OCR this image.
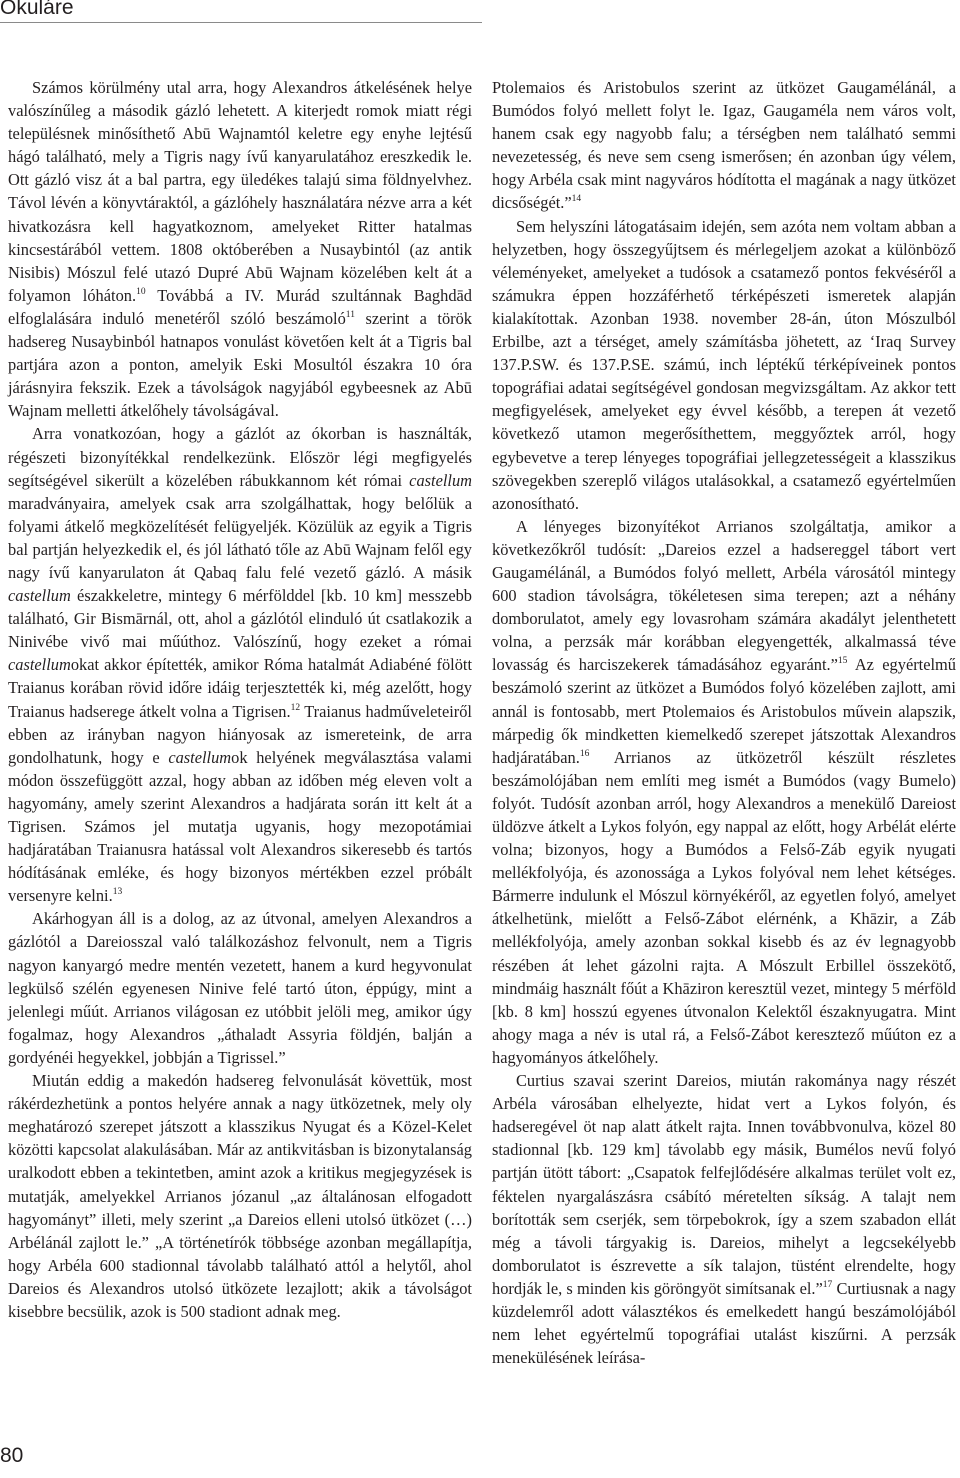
Okuláre

Számos körülmény utal arra, hogy Alexandros átkelésének helye valószínűleg a második gázló lehetett. A kiterjedt romok miatt régi településnek minősíthető Abū Wajnamtól keletre egy enyhe lejtésű hágó található, mely a Tigris nagy ívű kanyarulatához ereszkedik le. Ott gázló visz át a bal partra, egy üledékes talajú sima földnyelvhez. Távol lévén a könyvtáraktól, a gázlóhely használatára nézve arra a két hivatkozásra kell hagyatkoznom, amelyeket Ritter hatalmas kincsestárából vettem. 1808 októberében a Nusaybintól (az antik Nisibis) Mószul felé utazó Dupré Abū Wajnam közelében kelt át a folyamon lóháton.$^{10}$ Továbbá a IV. Murád szultánnak Baghdād elfoglalására induló menetéről szóló beszámoló$^{11}$ szerint a török hadsereg Nusaybinból hatnapos vonulást követően kelt át a Tigris bal partjára azon a ponton, amelyik Eski Mosultól északra 10 óra járásnyira fekszik. Ezek a távolságok nagyjából egybeesnek az Abū Wajnam melletti átkelőhely távolságával.

Arra vonatkozóan, hogy a gázlót az ókorban is használták, régészeti bizonyítékkal rendelkezünk. Először légi megfigyelés segítségével sikerült a közelében rábukkannom két római castellum maradványaira, amelyek csak arra szolgálhattak, hogy belőlük a folyami átkelő megközelítését felügyeljék. Közülük az egyik a Tigris bal partján helyezkedik el, és jól látható tőle az Abū Wajnam felől egy nagy ívű kanyarulaton át Qabaq falu felé vezető gázló. A másik castellum északkeletre, mintegy 6 mérfölddel [kb. 10 km] messzebb található, Gir Bismārnál, ott, ahol a gázlótól elinduló út csatlakozik a Ninivébe vivő mai műúthoz. Valószínű, hogy ezeket a római castellumokat akkor építették, amikor Róma hatalmát Adiabéné fölött Traianus korában rövid időre idáig terjesztették ki, még azelőtt, hogy Traianus hadserege átkelt volna a Tigrisen.$^{12}$ Traianus hadműveleteiről ebben az irányban nagyon hiányosak az ismereteink, de arra gondolhatunk, hogy e castellumok helyének megválasztása valami módon összefüggött azzal, hogy abban az időben még eleven volt a hagyomány, amely szerint Alexandros a hadjárata során itt kelt át a Tigrisen. Számos jel mutatja ugyanis, hogy mezopotámiai hadjáratában Traianusra hatással volt Alexandros sikeresebb és tartós hódításának emléke, és hogy bizonyos mértékben ezzel próbált versenyre kelni.$^{13}$

Akárhogyan áll is a dolog, az az útvonal, amelyen Alexandros a gázlótól a Dareiosszal való találkozáshoz felvonult, nem a Tigris nagyon kanyargó medre mentén vezetett, hanem a kurd hegyvonulat legkülső szélén egyenesen Ninive felé tartó úton, éppúgy, mint a jelenlegi műút. Arrianos világosan ez utóbbit jelöli meg, amikor úgy fogalmaz, hogy Alexandros „áthaladt Assyria földjén, balján a gordyénéi hegyekkel, jobbján a Tigrissel.”

Miután eddig a makedón hadsereg felvonulását követtük, most rákérdezhetünk a pontos helyére annak a nagy ütközetnek, mely oly meghatározó szerepet játszott a klasszikus Nyugat és a Közel-Kelet közötti kapcsolat alakulásában. Már az antikvitásban is bizonytalanság uralkodott ebben a tekintetben, amint azok a kritikus megjegyzések is mutatják, amelyekkel Arrianos józanul „az általánosan elfogadott hagyományt” illeti, mely szerint „a Dareios elleni utolsó ütközet (…) Arbélánál zajlott le.” „A történetírók többsége azonban megállapítja, hogy Arbéla 600 stadionnal távolabb található attól a helytől, ahol Dareios és Alexandros utolsó ütközete lezajlott; akik a távolságot kisebbre becsülik, azok is 500 stadiont adnak meg.

Ptolemaios és Aristobulos szerint az ütközet Gaugamélánál, a Bumódos folyó mellett folyt le. Igaz, Gaugaméla nem város volt, hanem csak egy nagyobb falu; a térségben nem található semmi nevezetesség, és neve sem cseng ismerősen; én azonban úgy vélem, hogy Arbéla csak mint nagyváros hódította el magának a nagy ütközet dicsőségét.”$^{14}$

Sem helyszíni látogatásaim idején, sem azóta nem voltam abban a helyzetben, hogy összegyűjtsem és mérlegeljem azokat a különböző véleményeket, amelyeket a tudósok a csatamező pontos fekvéséről a számukra éppen hozzáférhető térképészeti ismeretek alapján kialakítottak. Azonban 1938. november 28-án, úton Mószulból Erbilbe, azt a térséget, amely számításba jöhetett, az ‘Iraq Survey 137.P.SW. és 137.P.SE. számú, inch léptékű térképíveinek pontos topográfiai adatai segítségével gondosan megvizsgáltam. Az akkor tett megfigyelések, amelyeket egy évvel később, a terepen át vezető következő utamon megerősíthettem, meggyőztek arról, hogy egybevetve a terep lényeges topográfiai jellegzetességeit a klasszikus szövegekben szereplő világos utalásokkal, a csatamező egyértelműen azonosítható.

A lényeges bizonyítékot Arrianos szolgáltatja, amikor a következőkről tudósít: „Dareios ezzel a hadsereggel tábort vert Gaugamélánál, a Bumódos folyó mellett, Arbéla városától mintegy 600 stadion távolságra, tökéletesen sima terepen; azt a néhány domborulatot, amely egy lovasroham számára akadályt jelenthetett volna, a perzsák már korábban elegyengették, alkalmassá téve lovasság és harciszekerek támadásához egyaránt.”$^{15}$ Az egyértelmű beszámoló szerint az ütközet a Bumódos folyó közelében zajlott, ami annál is fontosabb, mert Ptolemaios és Aristobulos művein alapszik, márpedig ők mindketten kiemelkedő szerepet játszottak Alexandros hadjáratában.$^{16}$ Arrianos az ütközetről készült részletes beszámolójában nem említi meg ismét a Bumódos (vagy Bumelo) folyót. Tudósít azonban arról, hogy Alexandros a menekülő Dareiost üldözve átkelt a Lykos folyón, egy nappal az előtt, hogy Arbélát elérte volna; bizonyos, hogy a Bumódos a Felső-Záb egyik nyugati mellékfolyója, és azonossága a Lykos folyóval nem lehet kétséges. Bármerre indulunk el Mószul környékéről, az egyetlen folyó, amelyet átkelhetünk, mielőtt a Felső-Zábot elérnénk, a Khāzir, a Záb mellékfolyója, amely azonban sokkal kisebb és az év legnagyobb részében át lehet gázolni rajta. A Mószult Erbillel összekötő, mindmáig használt főút a Khāziron keresztül vezet, mintegy 5 mérföld [kb. 8 km] hosszú egyenes útvonalon Kelektől északnyugatra. Mint ahogy maga a név is utal rá, a Felső-Zábot keresztező műúton ez a hagyományos átkelőhely.

Curtius szavai szerint Dareios, miután rakománya nagy részét Arbéla városában elhelyezte, hidat vert a Lykos folyón, és hadseregével öt nap alatt átkelt rajta. Innen továbbvonulva, közel 80 stadionnal [kb. 129 km] távolabb egy másik, Bumélos nevű folyó partján ütött tábort: „Csapatok felfejlődésére alkalmas terület volt ez, féktelen nyargalászásra csábító méretelten síkság. A talajt nem borították sem cserjék, sem törpebokrok, így a szem szabadon ellát még a távoli tárgyakig is. Dareios, mihelyt a legcsekélyebb domborulatot is észrevette a sík talajon, tüstént elrendelte, hogy hordják le, s minden kis göröngyöt simítsanak el.”$^{17}$ Curtiusnak a nagy küzdelemről adott választékos és emelkedett hangú beszámolójából nem lehet egyértelmű topográfiai utalást kiszűrni. A perzsák menekülésének leírása-

80
